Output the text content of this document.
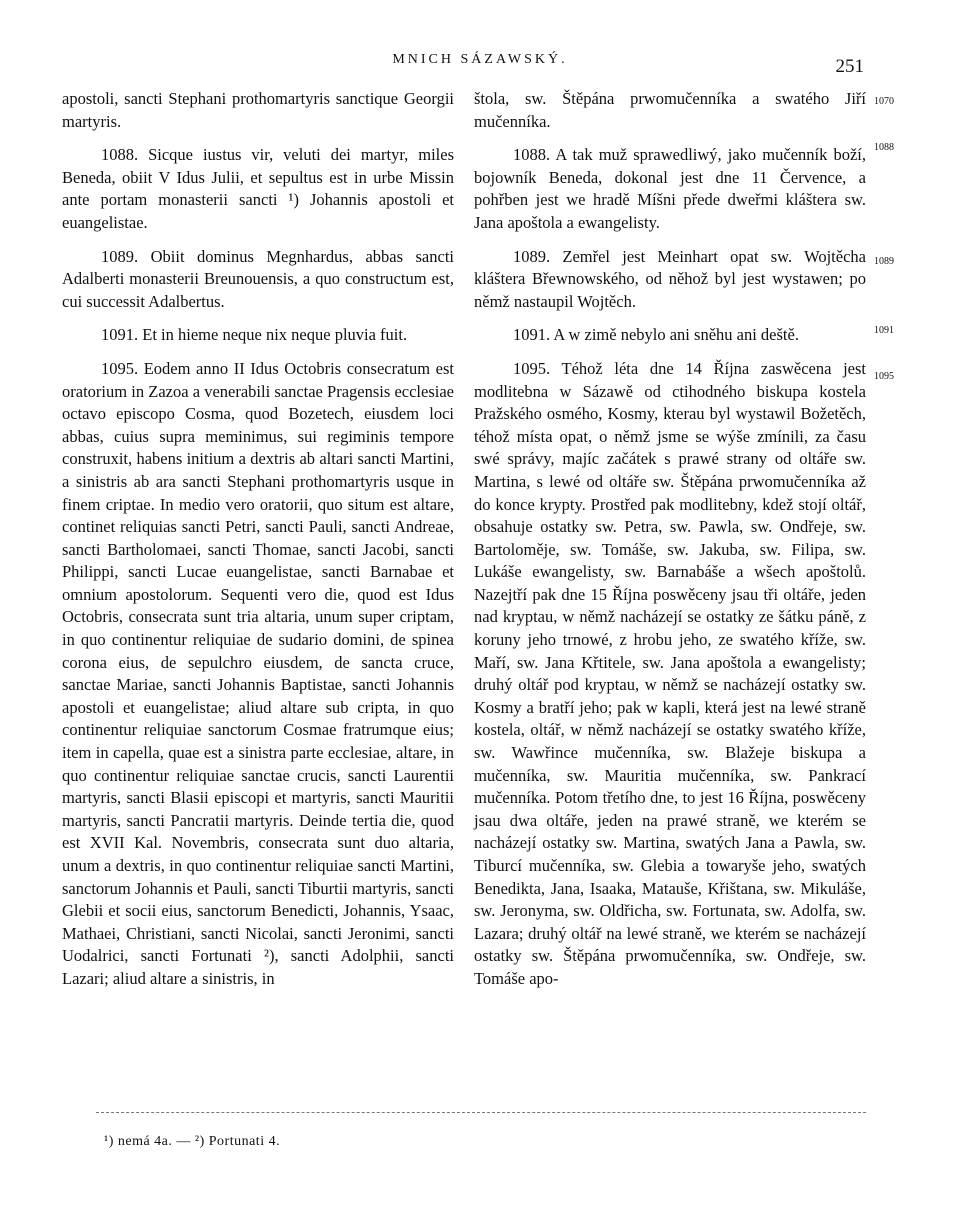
MNICH SÁZAWSKÝ.	251

apostoli, sancti Stephani prothomartyris sanctique Georgii martyris.

1088. Sicque iustus vir, veluti dei martyr, miles Beneda, obiit V Idus Julii, et sepultus est in urbe Missin ante portam monasterii sancti ¹) Johannis apostoli et euangelistae.

1089. Obiit dominus Megnhardus, abbas sancti Adalberti monasterii Breunouensis, a quo constructum est, cui successit Adalbertus.

1091. Et in hieme neque nix neque pluvia fuit.

1095. Eodem anno II Idus Octobris consecratum est oratorium in Zazoa a venerabili sanctae Pragensis ecclesiae octavo episcopo Cosma, quod Bozetech, eiusdem loci abbas, cuius supra meminimus, sui regiminis tempore construxit, habens initium a dextris ab altari sancti Martini, a sinistris ab ara sancti Stephani prothomartyris usque in finem criptae. In medio vero oratorii, quo situm est altare, continet reliquias sancti Petri, sancti Pauli, sancti Andreae, sancti Bartholomaei, sancti Thomae, sancti Jacobi, sancti Philippi, sancti Lucae euangelistae, sancti Barnabae et omnium apostolorum. Sequenti vero die, quod est Idus Octobris, consecrata sunt tria altaria, unum super criptam, in quo continentur reliquiae de sudario domini, de spinea corona eius, de sepulchro eiusdem, de sancta cruce, sanctae Mariae, sancti Johannis Baptistae, sancti Johannis apostoli et euangelistae; aliud altare sub cripta, in quo continentur reliquiae sanctorum Cosmae fratrumque eius; item in capella, quae est a sinistra parte ecclesiae, altare, in quo continentur reliquiae sanctae crucis, sancti Laurentii martyris, sancti Blasii episcopi et martyris, sancti Mauritii martyris, sancti Pancratii martyris. Deinde tertia die, quod est XVII Kal. Novembris, consecrata sunt duo altaria, unum a dextris, in quo continentur reliquiae sancti Martini, sanctorum Johannis et Pauli, sancti Tiburtii martyris, sancti Glebii et socii eius, sanctorum Benedicti, Johannis, Ysaac, Mathaei, Christiani, sancti Nicolai, sancti Jeronimi, sancti Uodalrici, sancti Fortunati ²), sancti Adolphii, sancti Lazari; aliud altare a sinistris, in

štola, sw. Štěpána prwomučenníka a swatého Jiří mučenníka.

1088. A tak muž sprawedliwý, jako mučenník boží, bojowník Beneda, dokonal jest dne 11 Července, a pohřben jest we hradě Míšni přede dweřmi kláštera sw. Jana apoštola a ewangelisty.

1089. Zemřel jest Meinhart opat sw. Wojtěcha kláštera Břewnowského, od něhož byl jest wystawen; po němž nastaupil Wojtěch.

1091. A w zimě nebylo ani sněhu ani deště.

1095. Téhož léta dne 14 Října zaswěcena jest modlitebna w Sázawě od ctihodného biskupa kostela Pražského osmého, Kosmy, kterau byl wystawil Božetěch, téhož místa opat, o němž jsme se wýše zmínili, za času swé správy, majíc začátek s prawé strany od oltáře sw. Martina, s lewé od oltáře sw. Štěpána prwomučenníka až do konce krypty. Prostřed pak modlitebny, kdež stojí oltář, obsahuje ostatky sw. Petra, sw. Pawla, sw. Ondřeje, sw. Bartoloměje, sw. Tomáše, sw. Jakuba, sw. Filipa, sw. Lukáše ewangelisty, sw. Barnabáše a wšech apoštolů. Nazejtří pak dne 15 Října poswěceny jsau tři oltáře, jeden nad kryptau, w němž nacházejí se ostatky ze šátku páně, z koruny jeho trnowé, z hrobu jeho, ze swatého kříže, sw. Maří, sw. Jana Křtitele, sw. Jana apoštola a ewangelisty; druhý oltář pod kryptau, w němž se nacházejí ostatky sw. Kosmy a bratří jeho; pak w kapli, která jest na lewé straně kostela, oltář, w němž nacházejí se ostatky swatého kříže, sw. Wawřince mučenníka, sw. Blažeje biskupa a mučenníka, sw. Mauritia mučenníka, sw. Pankrací mučenníka. Potom třetího dne, to jest 16 Října, poswěceny jsau dwa oltáře, jeden na prawé straně, we kterém se nacházejí ostatky sw. Martina, swatých Jana a Pawla, sw. Tiburcí mučenníka, sw. Glebia a towaryše jeho, swatých Benedikta, Jana, Isaaka, Matauše, Křištana, sw. Mikuláše, sw. Jeronyma, sw. Oldřicha, sw. Fortunata, sw. Adolfa, sw. Lazara; druhý oltář na lewé straně, we kterém se nacházejí ostatky sw. Štěpána prwomučenníka, sw. Ondřeje, sw. Tomáše apo-

1070
1088
1089
1091
1095
¹) nemá 4a. — ²) Portunati 4.
